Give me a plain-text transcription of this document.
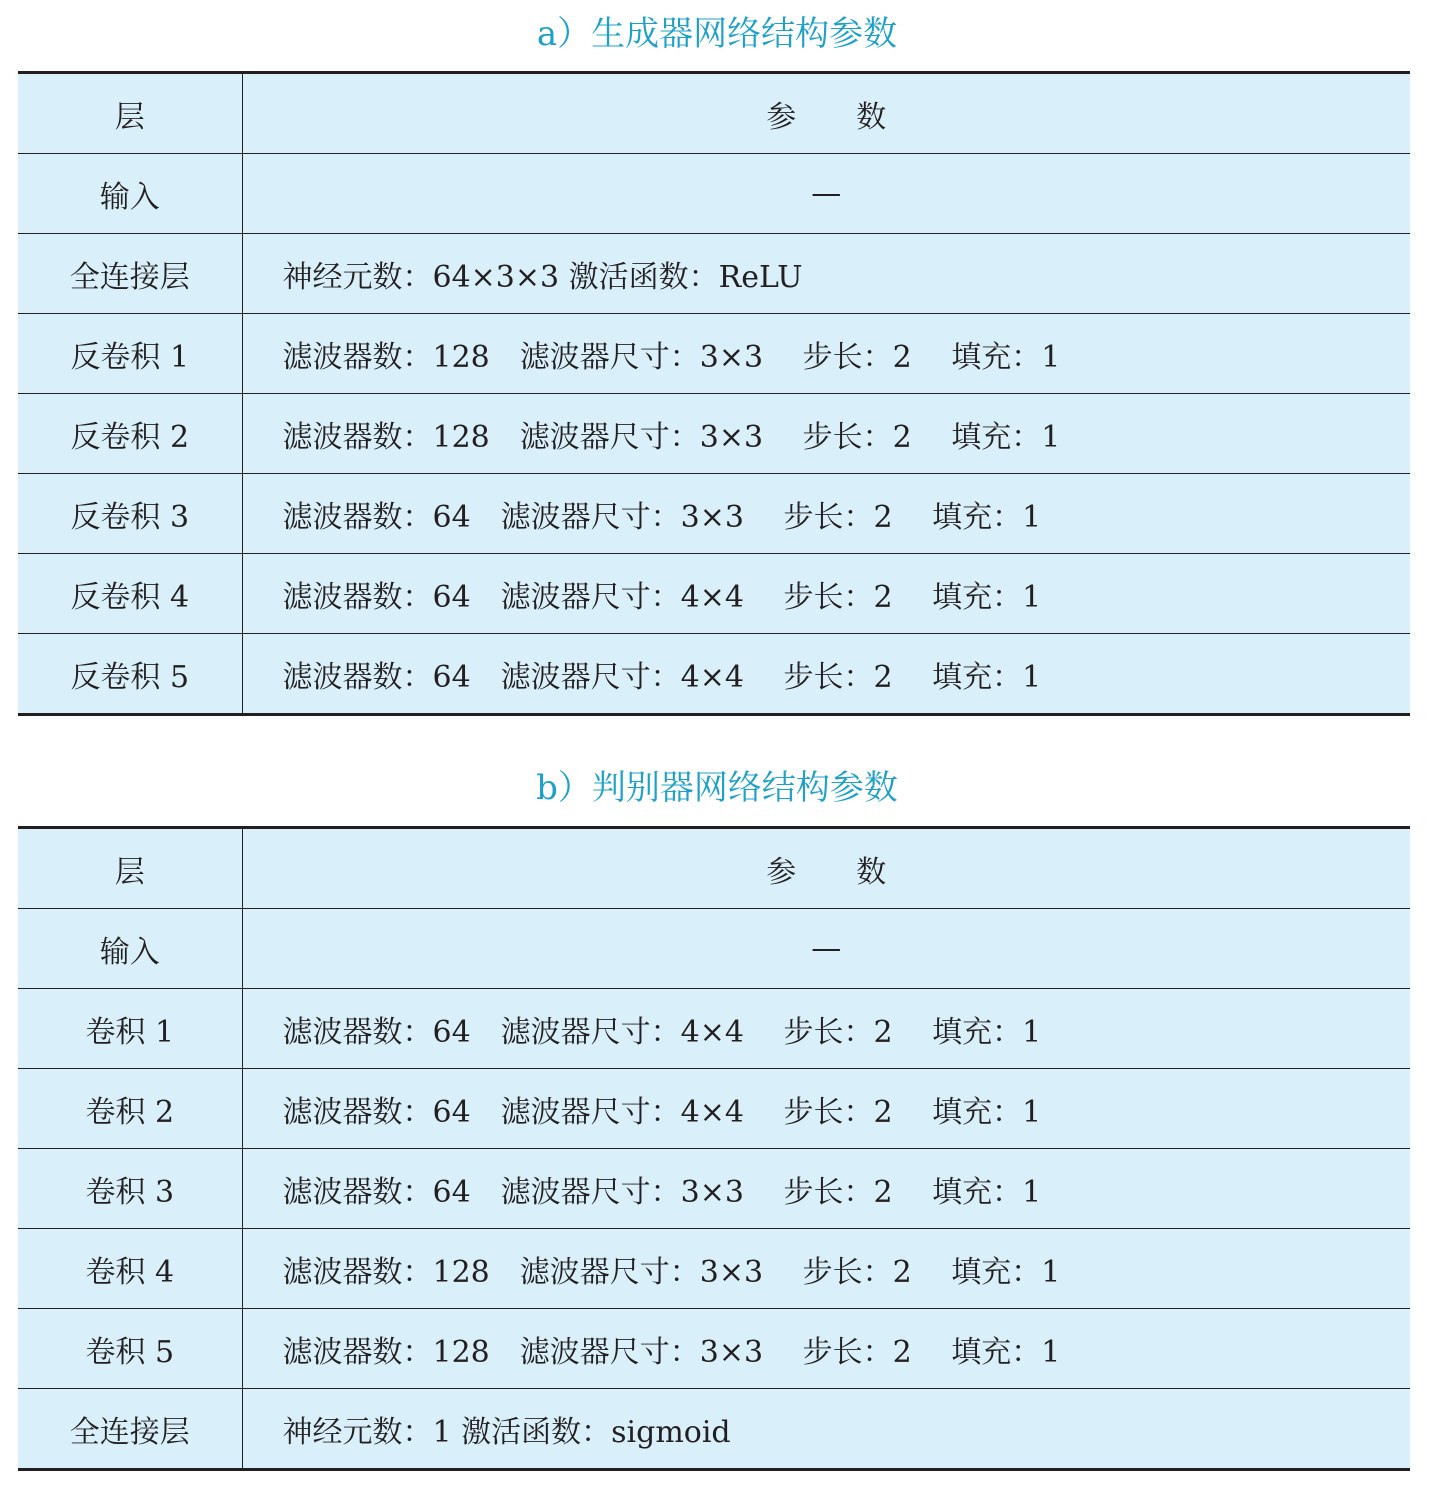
a）生成器网络结构参数
层	参　　数
输入	—
全连接层	神经元数：64×3×3 激活函数：ReLU
反卷积 1	滤波器数：128　滤波器尺寸：3×3　 步长：2　 填充：1
反卷积 2	滤波器数：128　滤波器尺寸：3×3　 步长：2　 填充：1
反卷积 3	滤波器数：64　滤波器尺寸：3×3　 步长：2　 填充：1
反卷积 4	滤波器数：64　滤波器尺寸：4×4　 步长：2　 填充：1
反卷积 5	滤波器数：64　滤波器尺寸：4×4　 步长：2　 填充：1
b）判别器网络结构参数
层	参　　数
输入	—
卷积 1	滤波器数：64　滤波器尺寸：4×4　 步长：2　 填充：1
卷积 2	滤波器数：64　滤波器尺寸：4×4　 步长：2　 填充：1
卷积 3	滤波器数：64　滤波器尺寸：3×3　 步长：2　 填充：1
卷积 4	滤波器数：128　滤波器尺寸：3×3　 步长：2　 填充：1
卷积 5	滤波器数：128　滤波器尺寸：3×3　 步长：2　 填充：1
全连接层	神经元数：1 激活函数：sigmoid
